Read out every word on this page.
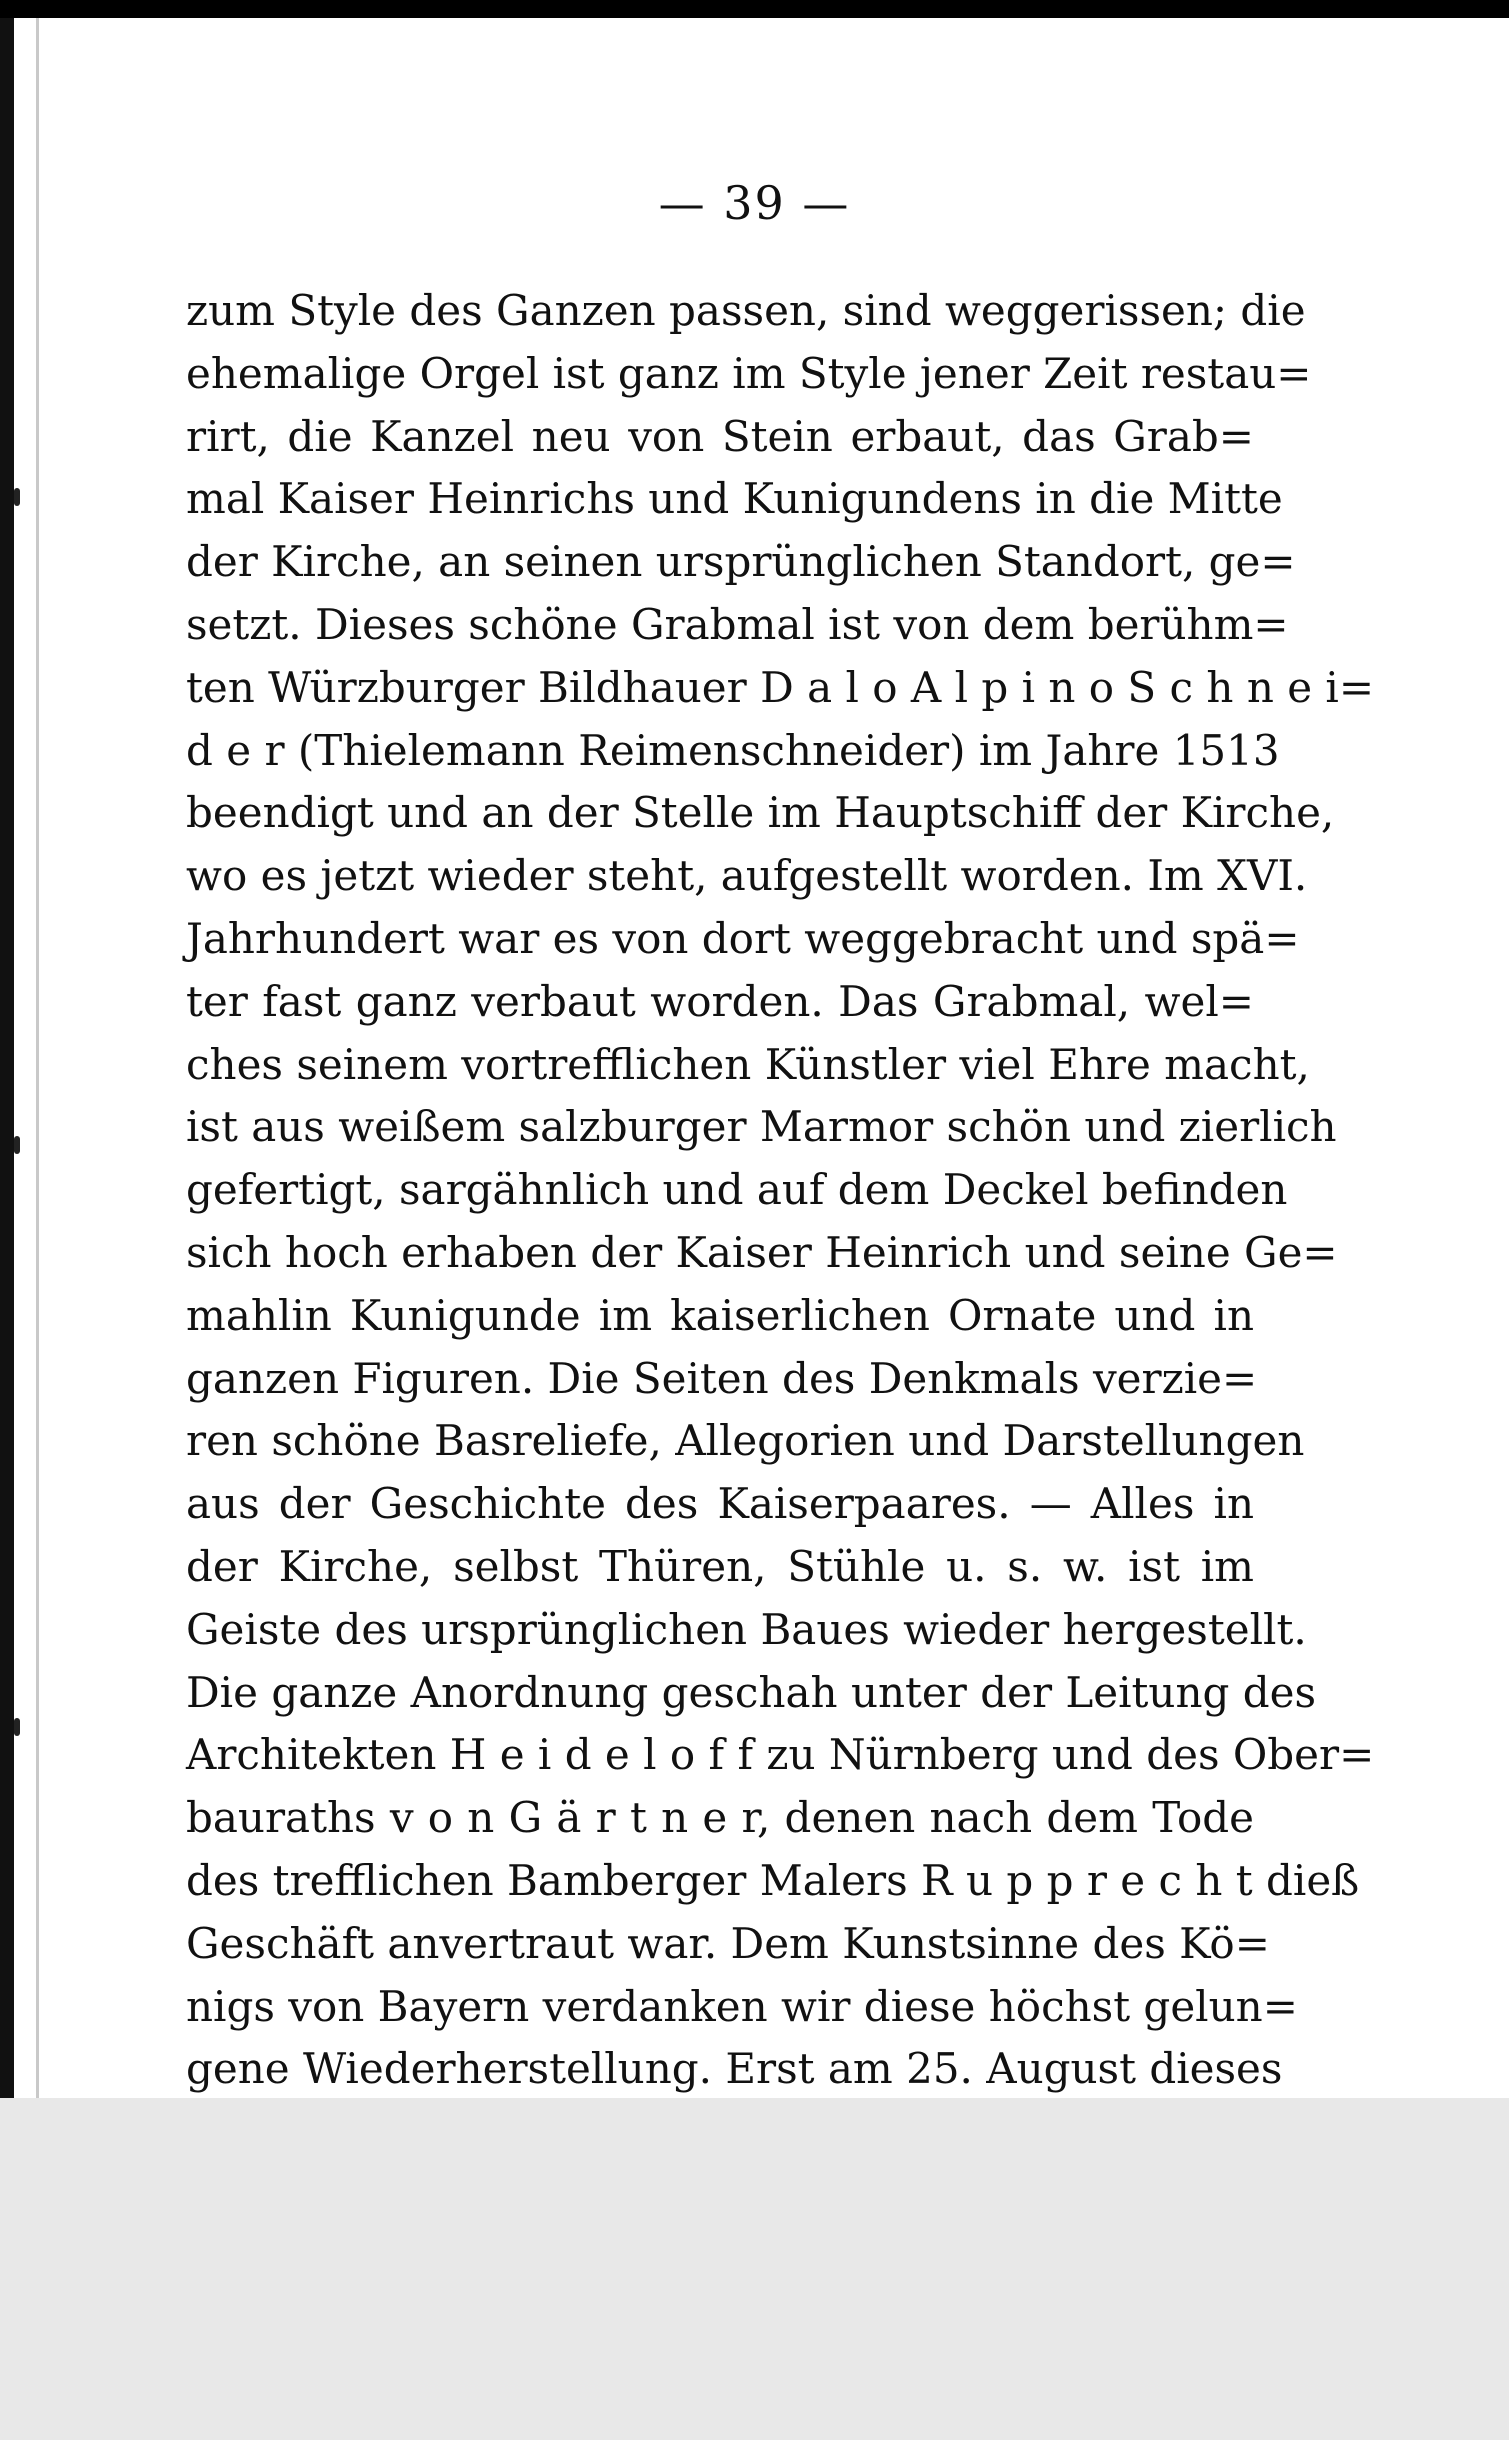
— 39 —
zum Style des Ganzen passen, sind weggerissen; die
ehemalige Orgel ist ganz im Style jener Zeit restau=
rirt, die Kanzel neu von Stein erbaut, das Grab=
mal Kaiser Heinrichs und Kunigundens in die Mitte
der Kirche, an seinen ursprünglichen Standort, ge=
setzt. Dieses schöne Grabmal ist von dem berühm=
ten Würzburger Bildhauer D a l o A l p i n o S c h n e i=
d e r (Thielemann Reimenschneider) im Jahre 1513
beendigt und an der Stelle im Hauptschiff der Kirche,
wo es jetzt wieder steht, aufgestellt worden. Im XVI.
Jahrhundert war es von dort weggebracht und spä=
ter fast ganz verbaut worden. Das Grabmal, wel=
ches seinem vortrefflichen Künstler viel Ehre macht,
ist aus weißem salzburger Marmor schön und zierlich
gefertigt, sargähnlich und auf dem Deckel befinden
sich hoch erhaben der Kaiser Heinrich und seine Ge=
mahlin Kunigunde im kaiserlichen Ornate und in
ganzen Figuren. Die Seiten des Denkmals verzie=
ren schöne Basreliefe, Allegorien und Darstellungen
aus der Geschichte des Kaiserpaares. — Alles in
der Kirche, selbst Thüren, Stühle u. s. w. ist im
Geiste des ursprünglichen Baues wieder hergestellt.
Die ganze Anordnung geschah unter der Leitung des
Architekten H e i d e l o f f zu Nürnberg und des Ober=
bauraths v o n G ä r t n e r, denen nach dem Tode
des trefflichen Bamberger Malers R u p p r e c h t dieß
Geschäft anvertraut war. Dem Kunstsinne des Kö=
nigs von Bayern verdanken wir diese höchst gelun=
gene Wiederherstellung. Erst am 25. August dieses
